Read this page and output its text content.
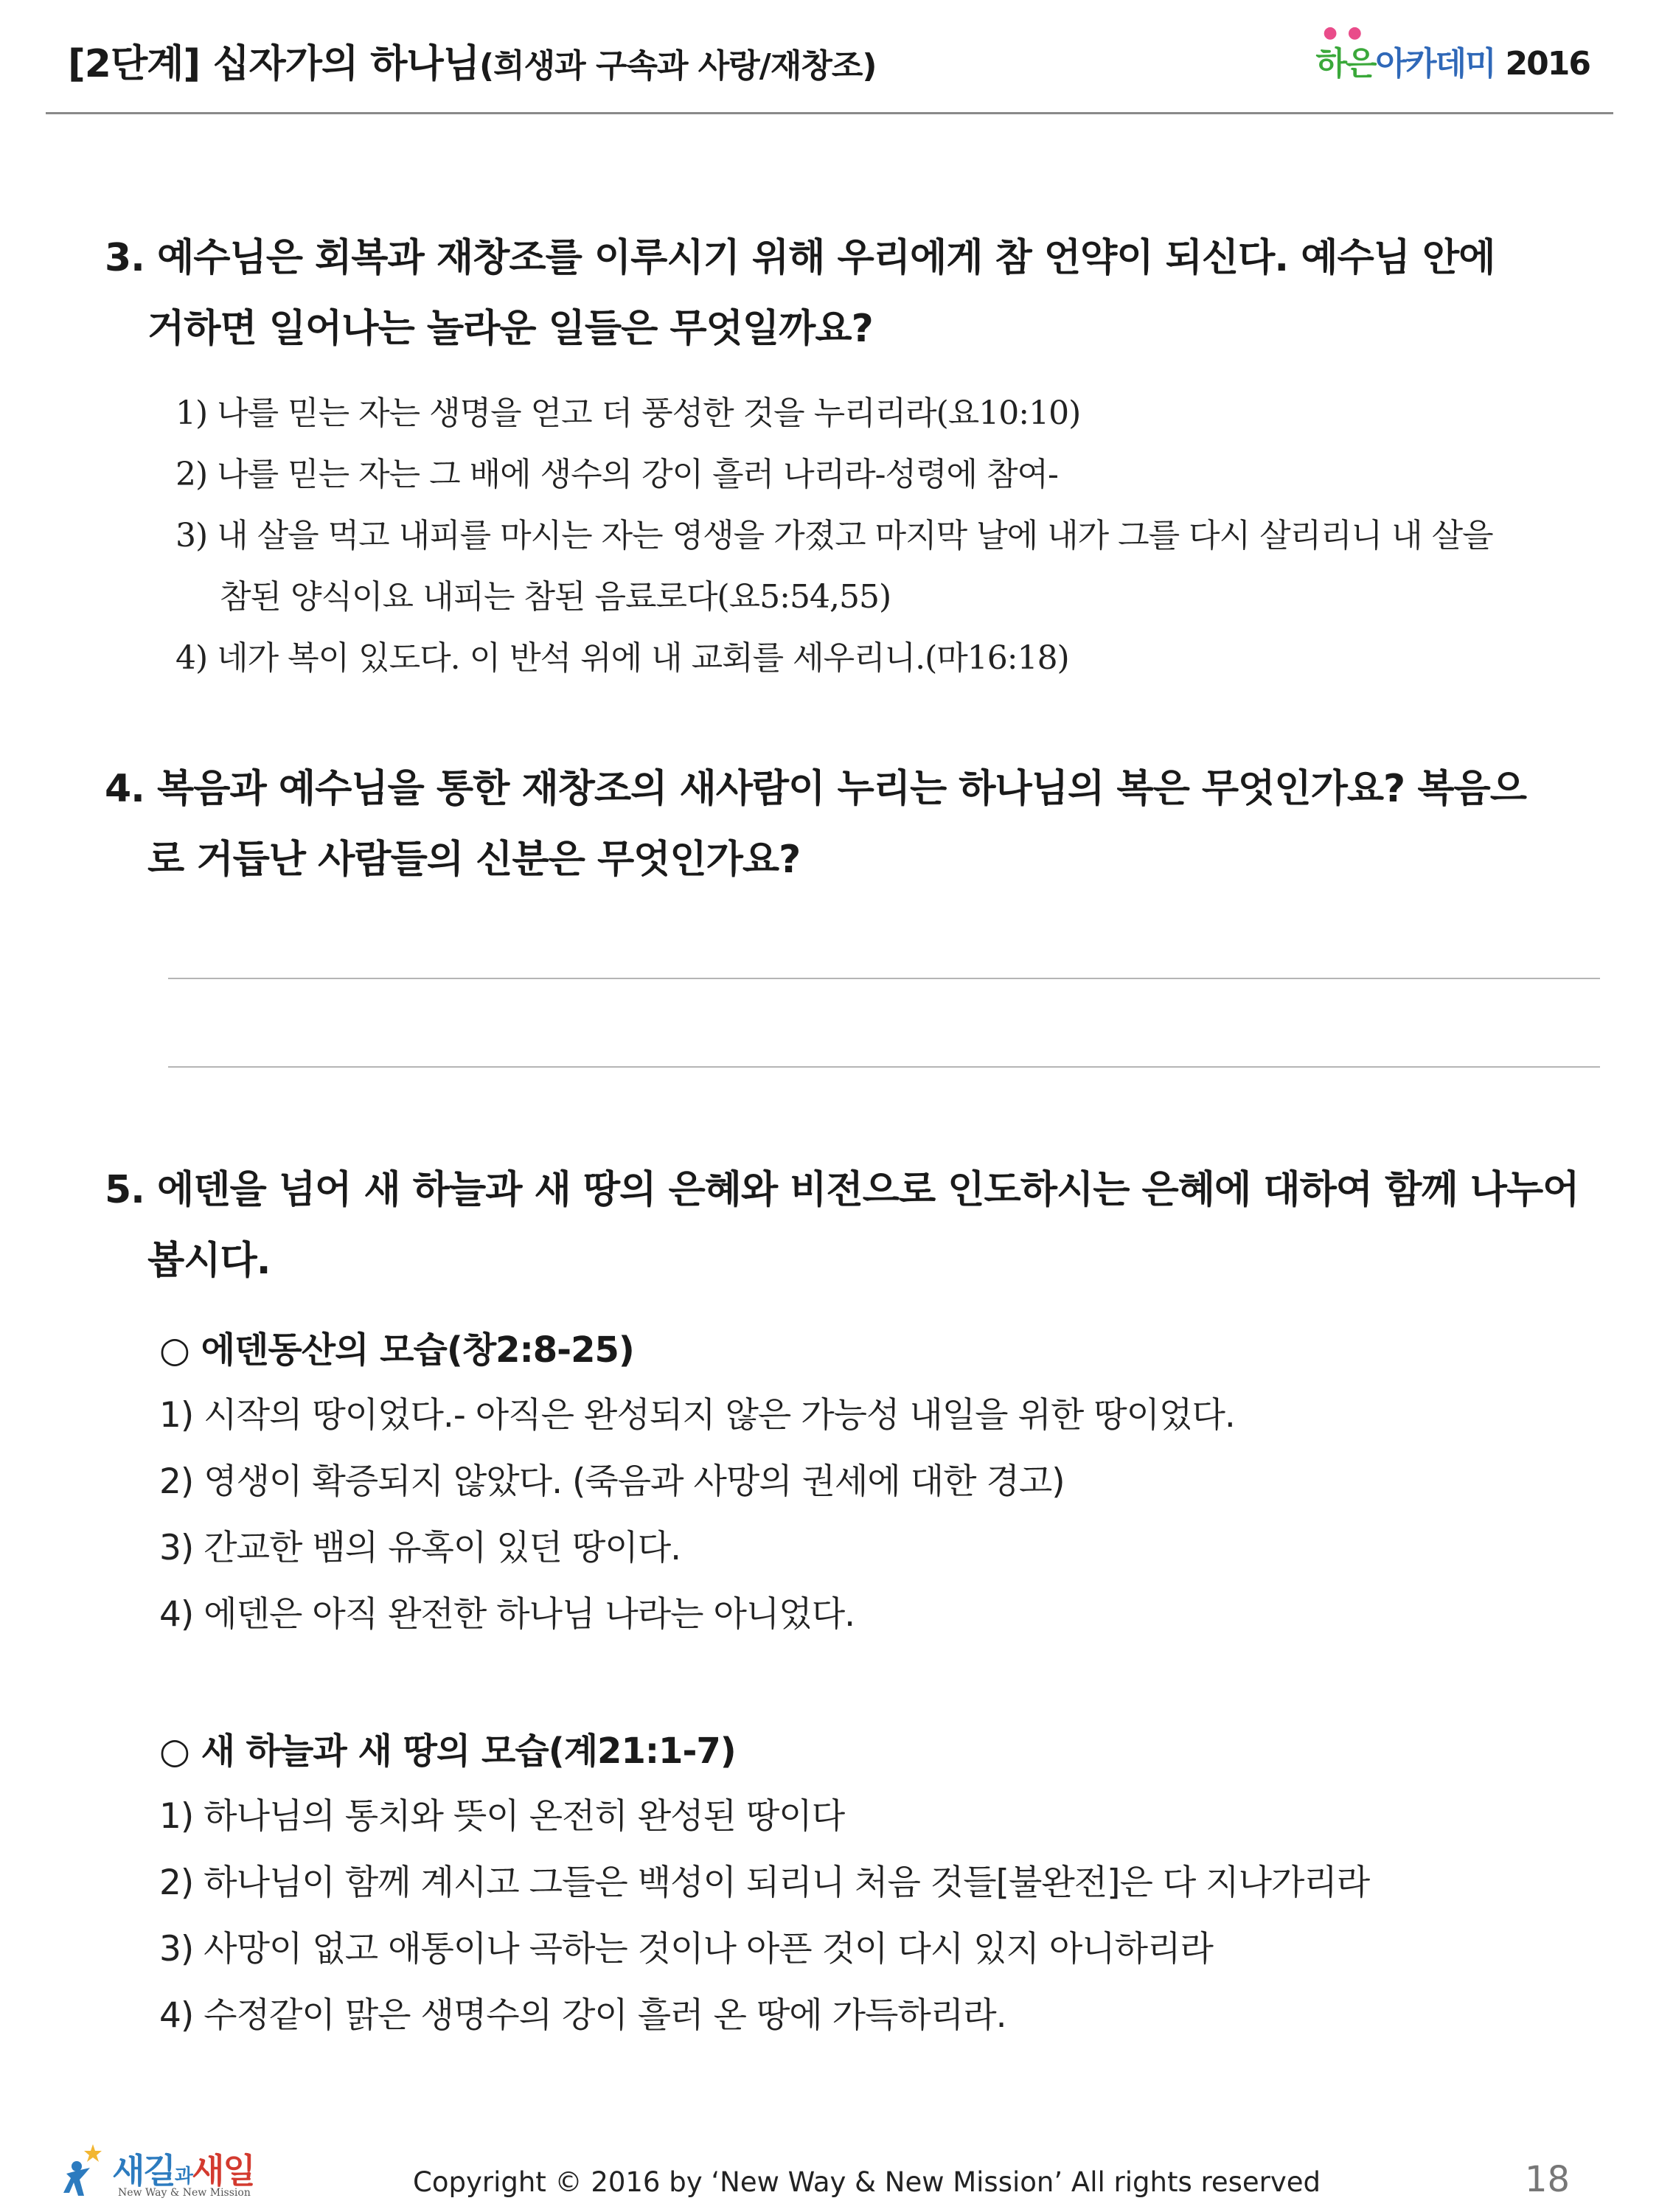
[2단계] 십자가의 하나님(희생과 구속과 사랑/재창조)
●●
하은아카데미 2016
3. 예수님은 회복과 재창조를 이루시기 위해 우리에게 참 언약이 되신다. 예수님 안에
거하면 일어나는 놀라운 일들은 무엇일까요?
1) 나를 믿는 자는 생명을 얻고 더 풍성한 것을 누리리라(요10:10)
2) 나를 믿는 자는 그 배에 생수의 강이 흘러 나리라-성령에 참여-
3) 내 살을 먹고 내피를 마시는 자는 영생을 가졌고 마지막 날에 내가 그를 다시 살리리니 내 살을
참된 양식이요 내피는 참된 음료로다(요5:54,55)
4) 네가 복이 있도다. 이 반석 위에 내 교회를 세우리니.(마16:18)
4. 복음과 예수님을 통한 재창조의 새사람이 누리는 하나님의 복은 무엇인가요? 복음으
로 거듭난 사람들의 신분은 무엇인가요?
5. 에덴을 넘어 새 하늘과 새 땅의 은혜와 비전으로 인도하시는 은혜에 대하여 함께 나누어
봅시다.
○ 에덴동산의 모습(창2:8-25)
1) 시작의 땅이었다.- 아직은 완성되지 않은 가능성 내일을 위한 땅이었다.
2) 영생이 확증되지 않았다. (죽음과 사망의 권세에 대한 경고)
3) 간교한 뱀의 유혹이 있던 땅이다.
4) 에덴은 아직 완전한 하나님 나라는 아니었다.
○ 새 하늘과 새 땅의 모습(계21:1-7)
1) 하나님의 통치와 뜻이 온전히 완성된 땅이다
2) 하나님이 함께 계시고 그들은 백성이 되리니 처음 것들[불완전]은 다 지나가리라
3) 사망이 없고 애통이나 곡하는 것이나 아픈 것이 다시 있지 아니하리라
4) 수정같이 맑은 생명수의 강이 흘러 온 땅에 가득하리라.
새길과새일
New Way & New Mission	Copyright © 2016 by ‘New Way & New Mission’ All rights reserved	18
